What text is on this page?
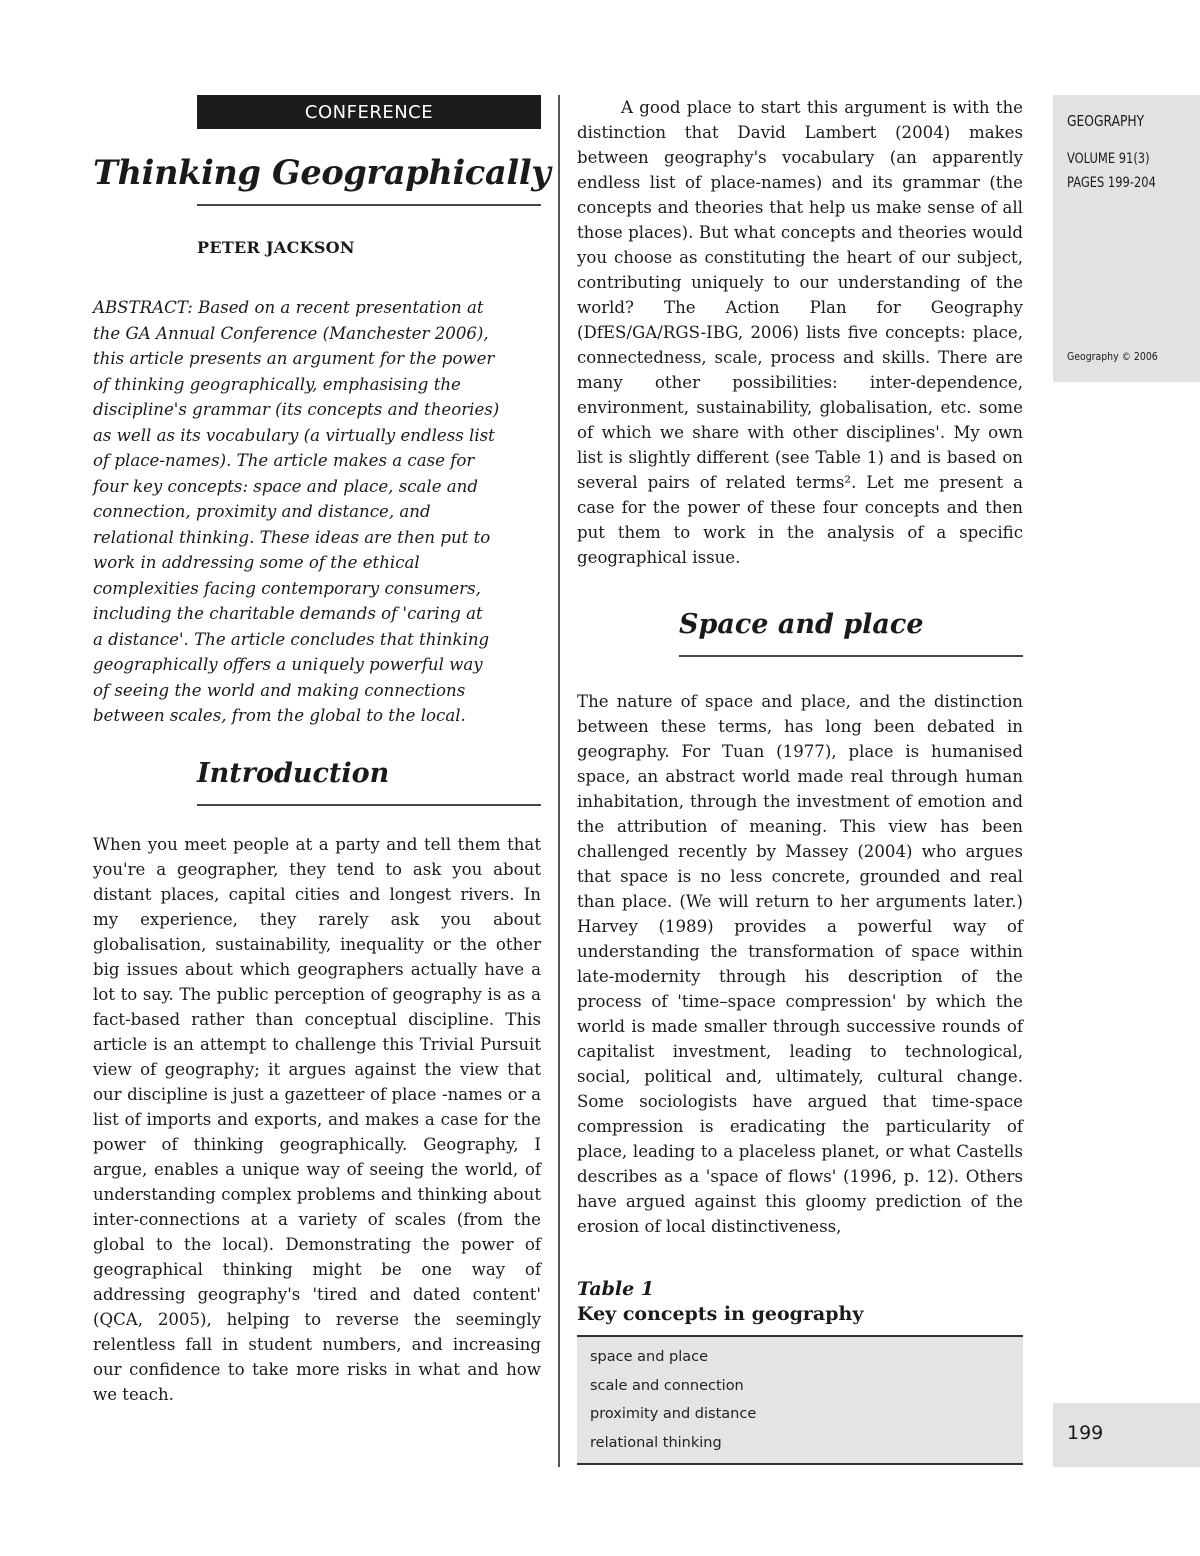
CONFERENCE
Thinking Geographically
PETER JACKSON

ABSTRACT: Based on a recent presentation at
the GA Annual Conference (Manchester 2006),
this article presents an argument for the power
of thinking geographically, emphasising the
discipline's grammar (its concepts and theories)
as well as its vocabulary (a virtually endless list
of place-names). The article makes a case for
four key concepts: space and place, scale and
connection, proximity and distance, and
relational thinking. These ideas are then put to
work in addressing some of the ethical
complexities facing contemporary consumers,
including the charitable demands of 'caring at
a distance'. The article concludes that thinking
geographically offers a uniquely powerful way
of seeing the world and making connections
between scales, from the global to the local.

Introduction

When you meet people at a party and tell them that you're a geographer, they tend to ask you about distant places, capital cities and longest rivers. In my experience, they rarely ask you about globalisation, sustainability, inequality or the other big issues about which geographers actually have a lot to say. The public perception of geography is as a fact-based rather than conceptual discipline. This article is an attempt to challenge this Trivial Pursuit view of geography; it argues against the view that our discipline is just a gazetteer of place -names or a list of imports and exports, and makes a case for the power of thinking geographically. Geography, I argue, enables a unique way of seeing the world, of understanding complex problems and thinking about inter-connections at a variety of scales (from the global to the local). Demonstrating the power of geographical thinking might be one way of addressing geography's 'tired and dated content' (QCA, 2005), helping to reverse the seemingly relentless fall in student numbers, and increasing our confidence to take more risks in what and how we teach.

A good place to start this argument is with the distinction that David Lambert (2004) makes between geography's vocabulary (an apparently endless list of place-names) and its grammar (the concepts and theories that help us make sense of all those places). But what concepts and theories would you choose as constituting the heart of our subject, contributing uniquely to our understanding of the world? The Action Plan for Geography (DfES/GA/RGS-IBG, 2006) lists five concepts: place, connectedness, scale, process and skills. There are many other possibilities: inter-dependence, environment, sustainability, globalisation, etc. some of which we share with other disciplines'. My own list is slightly different (see Table 1) and is based on several pairs of related terms². Let me present a case for the power of these four concepts and then put them to work in the analysis of a specific geographical issue.

Space and place

The nature of space and place, and the distinction between these terms, has long been debated in geography. For Tuan (1977), place is humanised space, an abstract world made real through human inhabitation, through the investment of emotion and the attribution of meaning. This view has been challenged recently by Massey (2004) who argues that space is no less concrete, grounded and real than place. (We will return to her arguments later.) Harvey (1989) provides a powerful way of understanding the transformation of space within late-modernity through his description of the process of 'time–space compression' by which the world is made smaller through successive rounds of capitalist investment, leading to technological, social, political and, ultimately, cultural change. Some sociologists have argued that time-space compression is eradicating the particularity of place, leading to a placeless planet, or what Castells describes as a 'space of flows' (1996, p. 12). Others have argued against this gloomy prediction of the erosion of local distinctiveness,

Table 1
Key concepts in geography
space and place
scale and connection
proximity and distance
relational thinking
GEOGRAPHY
VOLUME 91(3)
PAGES 199-204
Geography © 2006
199
